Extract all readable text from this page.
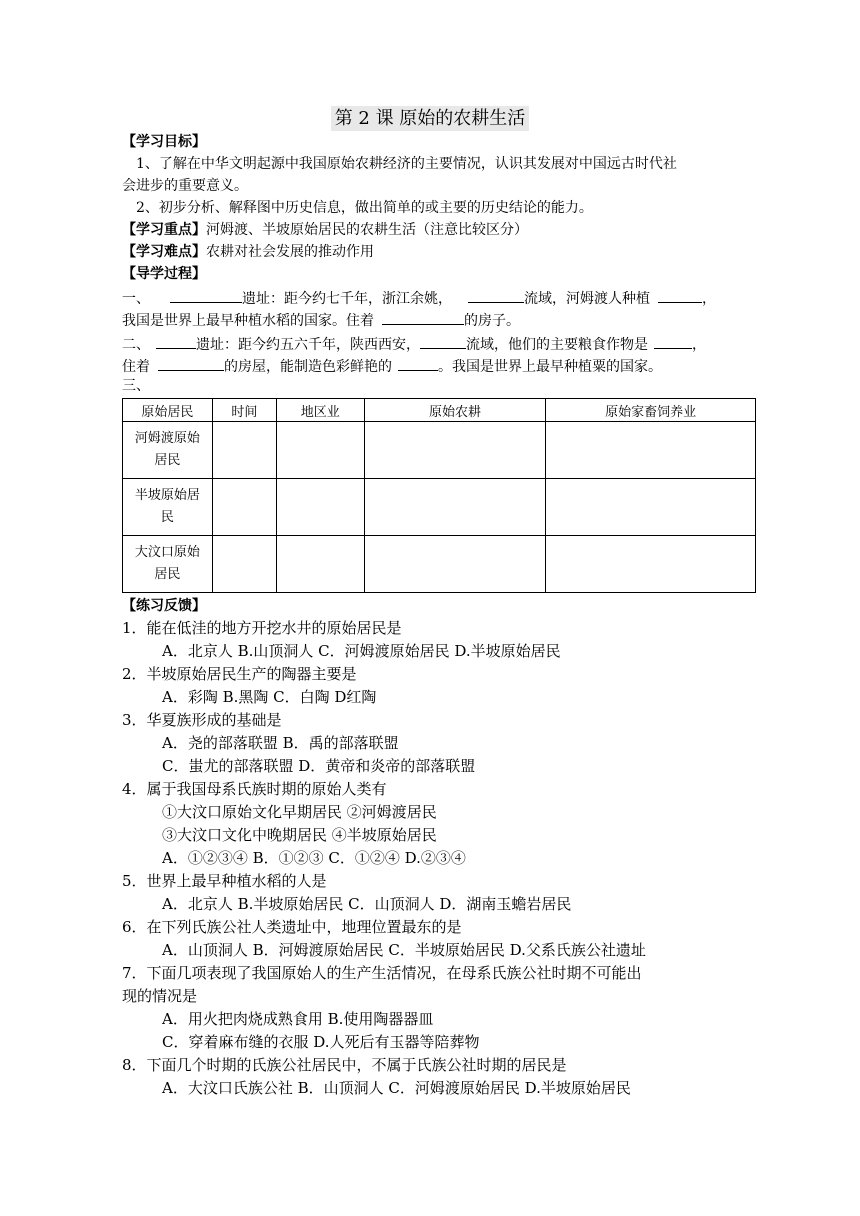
第 2 课 原始的农耕生活
【学习目标】
1、了解在中华文明起源中我国原始农耕经济的主要情况，认识其发展对中国远古时代社
会进步的重要意义。
2、初步分析、解释图中历史信息，做出简单的或主要的历史结论的能力。
【学习重点】河姆渡、半坡原始居民的农耕生活（注意比较区分）
【学习难点】农耕对社会发展的推动作用
【导学过程】
一、	遗址：距今约七千年，浙江余姚，	流域，河姆渡人种植	，
我国是世界上最早种植水稻的国家。住着	的房子。
二、	遗址：距今约五六千年，陕西西安，	流域，他们的主要粮食作物是	，
住着	的房屋，能制造色彩鲜艳的	。我国是世界上最早种植粟的国家。
三、
原始居民	时间	地区业	原始农耕	原始家畜饲养业
河姆渡原始居民				
半坡原始居民				
大汶口原始居民				
【练习反馈】
1．能在低洼的地方开挖水井的原始居民是
A．北京人 B.山顶洞人 C．河姆渡原始居民 D.半坡原始居民
2．半坡原始居民生产的陶器主要是
A．彩陶 B.黑陶 C．白陶 D红陶
3．华夏族形成的基础是
A．尧的部落联盟 B．禹的部落联盟
C．蚩尤的部落联盟 D．黄帝和炎帝的部落联盟
4．属于我国母系氏族时期的原始人类有
①大汶口原始文化早期居民 ②河姆渡居民
③大汶口文化中晚期居民 ④半坡原始居民
A．①②③④ B．①②③ C．①②④ D.②③④
5．世界上最早种植水稻的人是
A．北京人 B.半坡原始居民 C．山顶洞人 D．湖南玉蟾岩居民
6．在下列氏族公社人类遗址中，地理位置最东的是
A．山顶洞人 B．河姆渡原始居民 C．半坡原始居民 D.父系氏族公社遗址
7．下面几项表现了我国原始人的生产生活情况，在母系氏族公社时期不可能出
现的情况是
A．用火把肉烧成熟食用 B.使用陶器器皿
C．穿着麻布缝的衣服 D.人死后有玉器等陪葬物
8．下面几个时期的氏族公社居民中，不属于氏族公社时期的居民是
A．大汶口氏族公社 B．山顶洞人 C．河姆渡原始居民 D.半坡原始居民
